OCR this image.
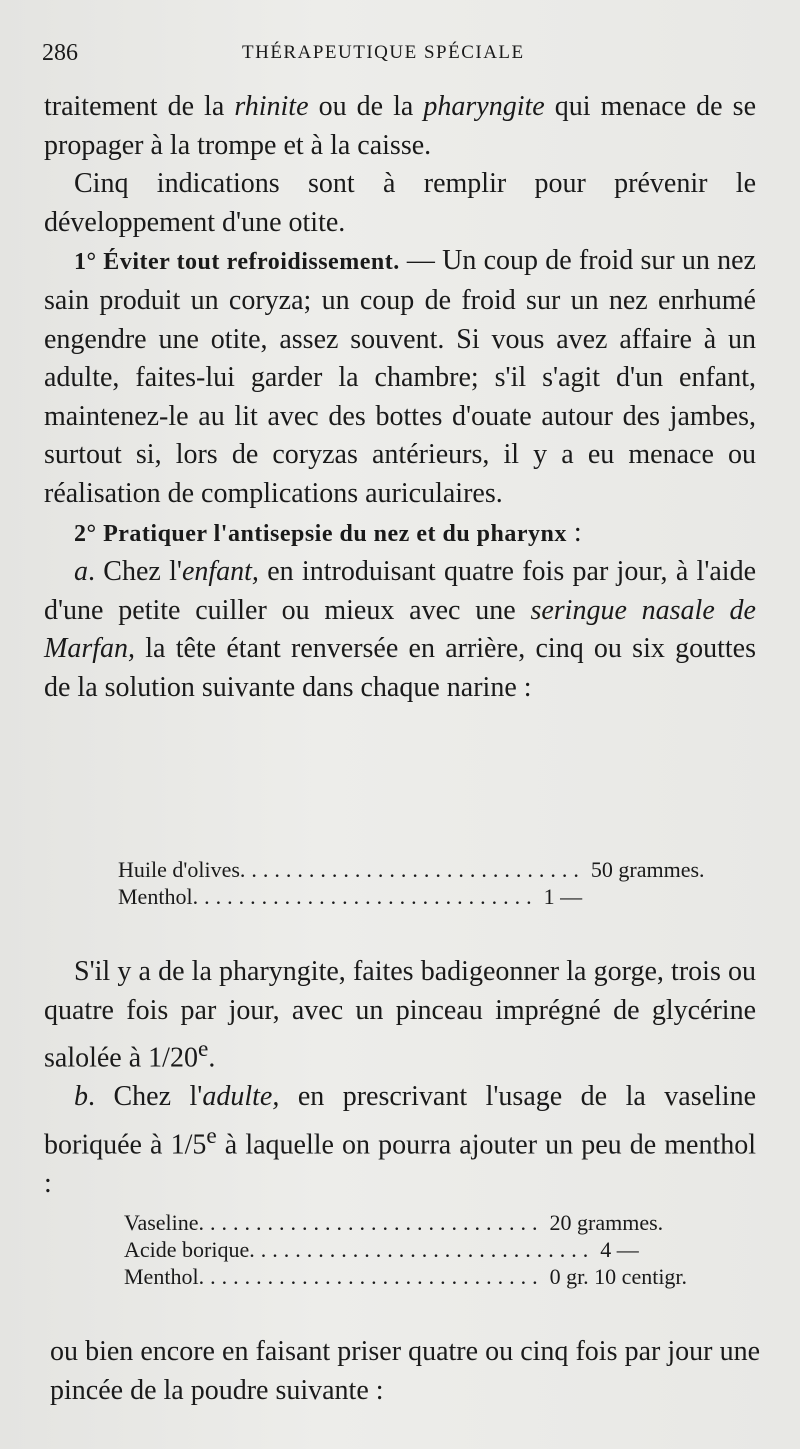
286	THÉRAPEUTIQUE SPÉCIALE

traitement de la rhinite ou de la pharyngite qui menace de se propager à la trompe et à la caisse.

Cinq indications sont à remplir pour prévenir le développement d'une otite.

1° Éviter tout refroidissement. — Un coup de froid sur un nez sain produit un coryza; un coup de froid sur un nez enrhumé engendre une otite, assez souvent. Si vous avez affaire à un adulte, faites-lui garder la chambre; s'il s'agit d'un enfant, maintenez-le au lit avec des bottes d'ouate autour des jambes, surtout si, lors de coryzas antérieurs, il y a eu menace ou réalisation de complications auriculaires.

2° Pratiquer l'antisepsie du nez et du pharynx :

a. Chez l'enfant, en introduisant quatre fois par jour, à l'aide d'une petite cuiller ou mieux avec une seringue nasale de Marfan, la tête étant renversée en arrière, cinq ou six gouttes de la solution suivante dans chaque narine :

Huile d'olives .............................. 50 grammes.
Menthol .............................. 1 —

S'il y a de la pharyngite, faites badigeonner la gorge, trois ou quatre fois par jour, avec un pinceau imprégné de glycérine salolée à 1/20e.

b. Chez l'adulte, en prescrivant l'usage de la vaseline boriquée à 1/5e à laquelle on pourra ajouter un peu de menthol :

Vaseline .............................. 20 grammes.
Acide borique .............................. 4 —
Menthol .............................. 0 gr. 10 centigr.

ou bien encore en faisant priser quatre ou cinq fois par jour une pincée de la poudre suivante :
